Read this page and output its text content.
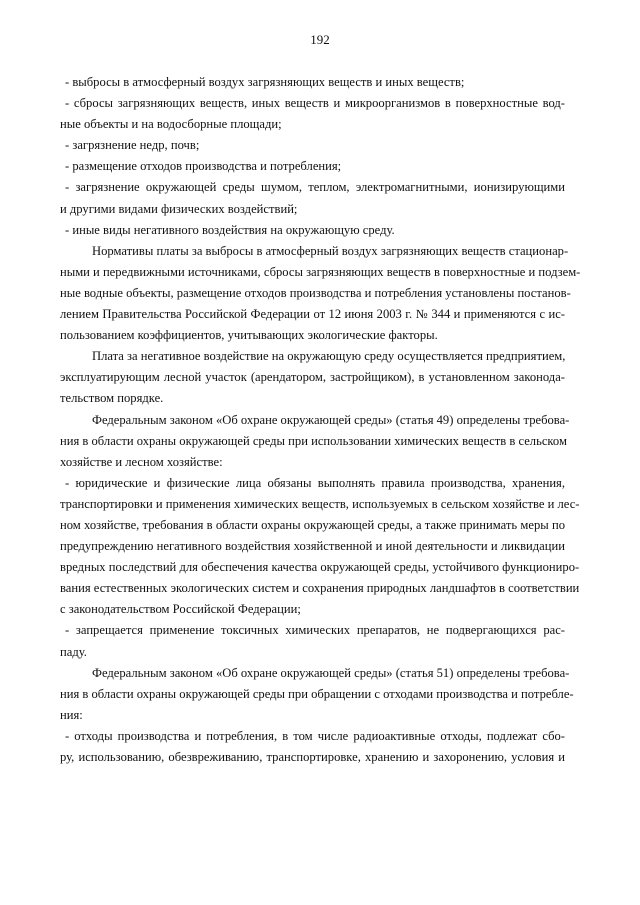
192

- выбросы в атмосферный воздух загрязняющих веществ и иных веществ;

- сбросы загрязняющих веществ, иных веществ и микроорганизмов в поверхностные вод-
ные объекты и на водосборные площади;

- загрязнение недр, почв;

- размещение отходов производства и потребления;

- загрязнение окружающей среды шумом, теплом, электромагнитными, ионизирующими
и другими видами физических воздействий;

- иные виды негативного воздействия на окружающую среду.

Нормативы платы за выбросы в атмосферный воздух загрязняющих веществ стационар-
ными и передвижными источниками, сбросы загрязняющих веществ в поверхностные и подзем-
ные водные объекты, размещение отходов производства и потребления установлены постанов-
лением Правительства Российской Федерации от 12 июня 2003 г. № 344 и применяются с ис-
пользованием коэффициентов, учитывающих экологические факторы.

Плата за негативное воздействие на окружающую среду осуществляется предприятием,
эксплуатирующим лесной участок (арендатором, застройщиком), в установленном законода-
тельством порядке.

Федеральным законом «Об охране окружающей среды» (статья 49) определены требова-
ния в области охраны окружающей среды при использовании химических веществ в сельском
хозяйстве и лесном хозяйстве:

- юридические и физические лица обязаны выполнять правила производства, хранения,
транспортировки и применения химических веществ, используемых в сельском хозяйстве и лес-
ном хозяйстве, требования в области охраны окружающей среды, а также принимать меры по
предупреждению негативного воздействия хозяйственной и иной деятельности и ликвидации
вредных последствий для обеспечения качества окружающей среды, устойчивого функциониро-
вания естественных экологических систем и сохранения природных ландшафтов в соответствии
с законодательством Российской Федерации;

- запрещается применение токсичных химических препаратов, не подвергающихся рас-
паду.

Федеральным законом «Об охране окружающей среды» (статья 51) определены требова-
ния в области охраны окружающей среды при обращении с отходами производства и потребле-
ния:

- отходы производства и потребления, в том числе радиоактивные отходы, подлежат сбо-
ру, использованию, обезвреживанию, транспортировке, хранению и захоронению, условия и
